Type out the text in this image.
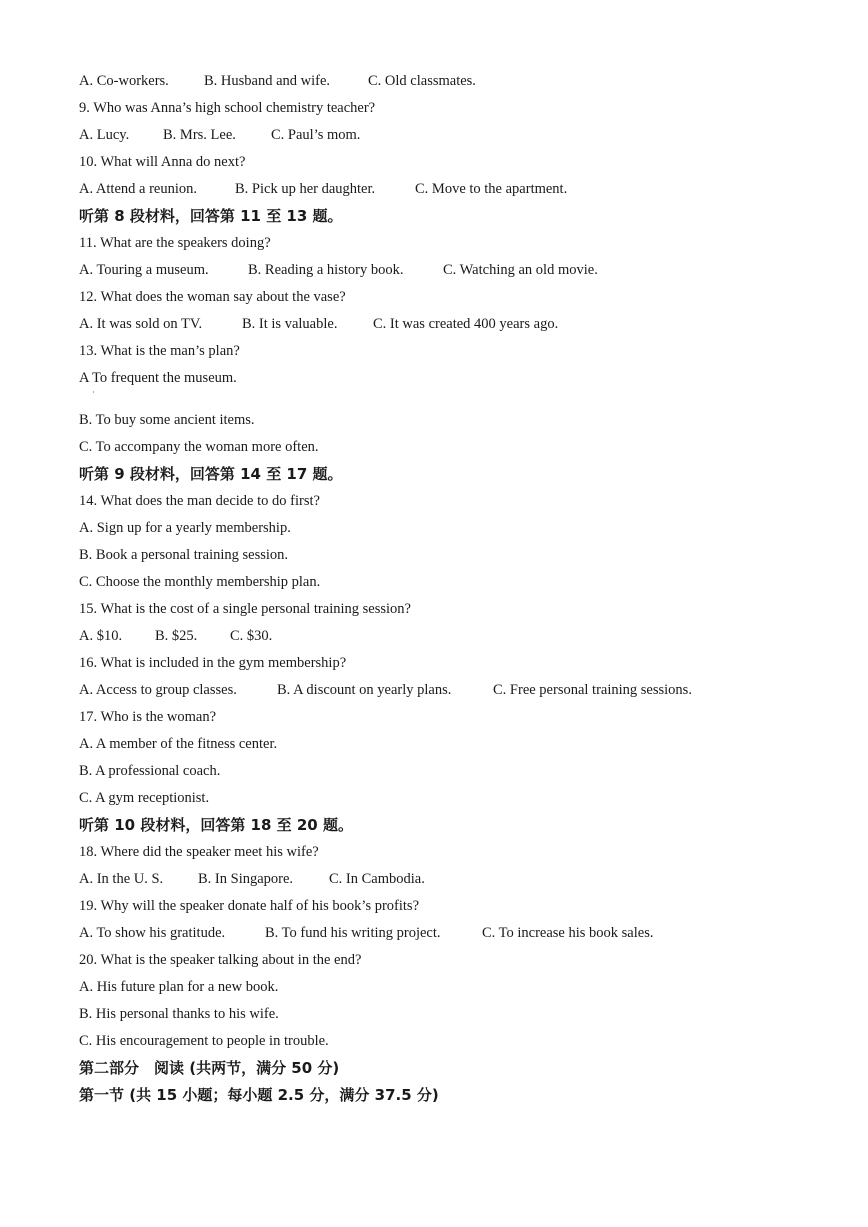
A. Co-workers. B. Husband and wife.	C. Old classmates.
9. Who was Anna’s high school chemistry teacher?
A. Lucy. B. Mrs. Lee. C. Paul’s mom.
10. What will Anna do next?
A. Attend a reunion.	B. Pick up her daughter.	C. Move to the apartment.
听第 8 段材料，回答第 11 至 13 题。
11. What are the speakers doing?
A. Touring a museum.	B. Reading a history book.	C. Watching an old movie.
12. What does the woman say about the vase?
A. It was sold on TV.	B. It is valuable. C. It was created 400 years ago.
13. What is the man’s plan?
·
A To frequent the museum.
B. To buy some ancient items.
C. To accompany the woman more often.
听第 9 段材料，回答第 14 至 17 题。
14. What does the man decide to do first?
A. Sign up for a yearly membership.
B. Book a personal training session.
C. Choose the monthly membership plan.
15. What is the cost of a single personal training session?
A. $10. B. $25. C. $30.
16. What is included in the gym membership?
A. Access to group classes.	B. A discount on yearly plans.	C. Free personal training sessions.
17. Who is the woman?
A. A member of the fitness center.
B. A professional coach.
C. A gym receptionist.
听第 10 段材料，回答第 18 至 20 题。
18. Where did the speaker meet his wife?
A. In the U. S. B. In Singapore. C. In Cambodia.
19. Why will the speaker donate half of his book’s profits?
A. To show his gratitude.	B. To fund his writing project.	C. To increase his book sales.
20. What is the speaker talking about in the end?
A. His future plan for a new book.
B. His personal thanks to his wife.
C. His encouragement to people in trouble.
第二部分　阅读 (共两节，满分 50 分)
第一节 (共 15 小题；每小题 2.5 分，满分 37.5 分)
